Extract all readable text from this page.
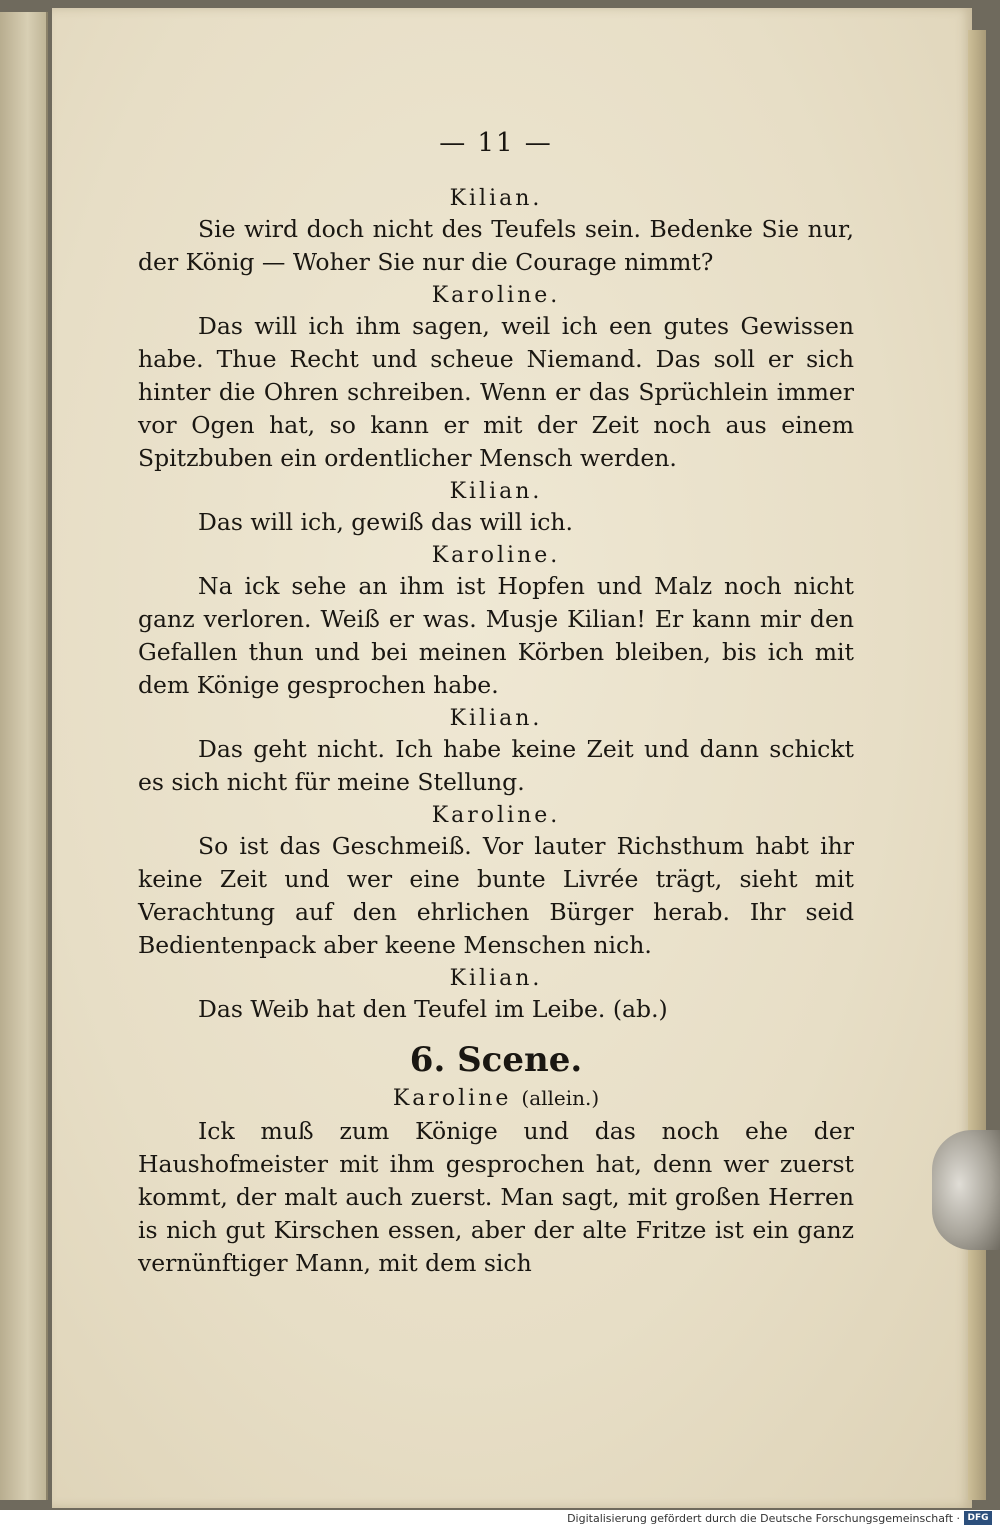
— 11 —
Kilian.

Sie wird doch nicht des Teufels sein. Bedenke Sie nur, der König — Woher Sie nur die Courage nimmt?

Karoline.

Das will ich ihm sagen, weil ich een gutes Gewissen habe. Thue Recht und scheue Niemand. Das soll er sich hinter die Ohren schreiben. Wenn er das Sprüchlein immer vor Ogen hat, so kann er mit der Zeit noch aus einem Spitzbuben ein ordentlicher Mensch werden.

Kilian.

Das will ich, gewiß das will ich.

Karoline.

Na ick sehe an ihm ist Hopfen und Malz noch nicht ganz verloren. Weiß er was. Musje Kilian! Er kann mir den Gefallen thun und bei meinen Körben bleiben, bis ich mit dem Könige gesprochen habe.

Kilian.

Das geht nicht. Ich habe keine Zeit und dann schickt es sich nicht für meine Stellung.

Karoline.

So ist das Geschmeiß. Vor lauter Richsthum habt ihr keine Zeit und wer eine bunte Livrée trägt, sieht mit Verachtung auf den ehrlichen Bürger herab. Ihr seid Bedientenpack aber keene Menschen nich.

Kilian.

Das Weib hat den Teufel im Leibe. (ab.)

6. Scene.
Karoline (allein.)

Ick muß zum Könige und das noch ehe der Haushofmeister mit ihm gesprochen hat, denn wer zuerst kommt, der malt auch zuerst. Man sagt, mit großen Herren is nich gut Kirschen essen, aber der alte Fritze ist ein ganz vernünftiger Mann, mit dem sich

Digitalisierung gefördert durch die Deutsche Forschungsgemeinschaft · DFG
